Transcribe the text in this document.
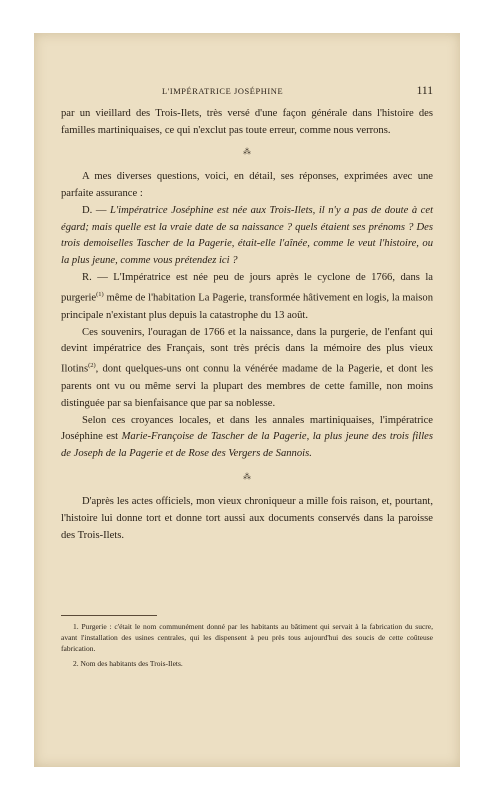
L'IMPÉRATRICE JOSÉPHINE	111

par un vieillard des Trois-Ilets, très versé d'une façon générale dans l'histoire des familles martiniquaises, ce qui n'exclut pas toute erreur, comme nous verrons.

⁂

A mes diverses questions, voici, en détail, ses réponses, exprimées avec une parfaite assurance :

D. — L'impératrice Joséphine est née aux Trois-Ilets, il n'y a pas de doute à cet égard; mais quelle est la vraie date de sa naissance ? quels étaient ses prénoms ? Des trois demoiselles Tascher de la Pagerie, était-elle l'aînée, comme le veut l'histoire, ou la plus jeune, comme vous prétendez ici ?

R. — L'Impératrice est née peu de jours après le cyclone de 1766, dans la purgerie$^{(1)}$ même de l'habitation La Pagerie, transformée hâtivement en logis, la maison principale n'existant plus depuis la catastrophe du 13 août.

Ces souvenirs, l'ouragan de 1766 et la naissance, dans la purgerie, de l'enfant qui devint impératrice des Français, sont très précis dans la mémoire des plus vieux Ilotins$^{(2)}$, dont quelques-uns ont connu la vénérée madame de la Pagerie, et dont les parents ont vu ou même servi la plupart des membres de cette famille, non moins distinguée par sa bienfaisance que par sa noblesse.

Selon ces croyances locales, et dans les annales martiniquaises, l'impératrice Joséphine est Marie-Françoise de Tascher de la Pagerie, la plus jeune des trois filles de Joseph de la Pagerie et de Rose des Vergers de Sannois.

⁂

D'après les actes officiels, mon vieux chroniqueur a mille fois raison, et, pourtant, l'histoire lui donne tort et donne tort aussi aux documents conservés dans la paroisse des Trois-Ilets.

1. Purgerie : c'était le nom communément donné par les habitants au bâtiment qui servait à la fabrication du sucre, avant l'installation des usines centrales, qui les dispensent à peu près tous aujourd'hui des soucis de cette coûteuse fabrication.

2. Nom des habitants des Trois-Ilets.
